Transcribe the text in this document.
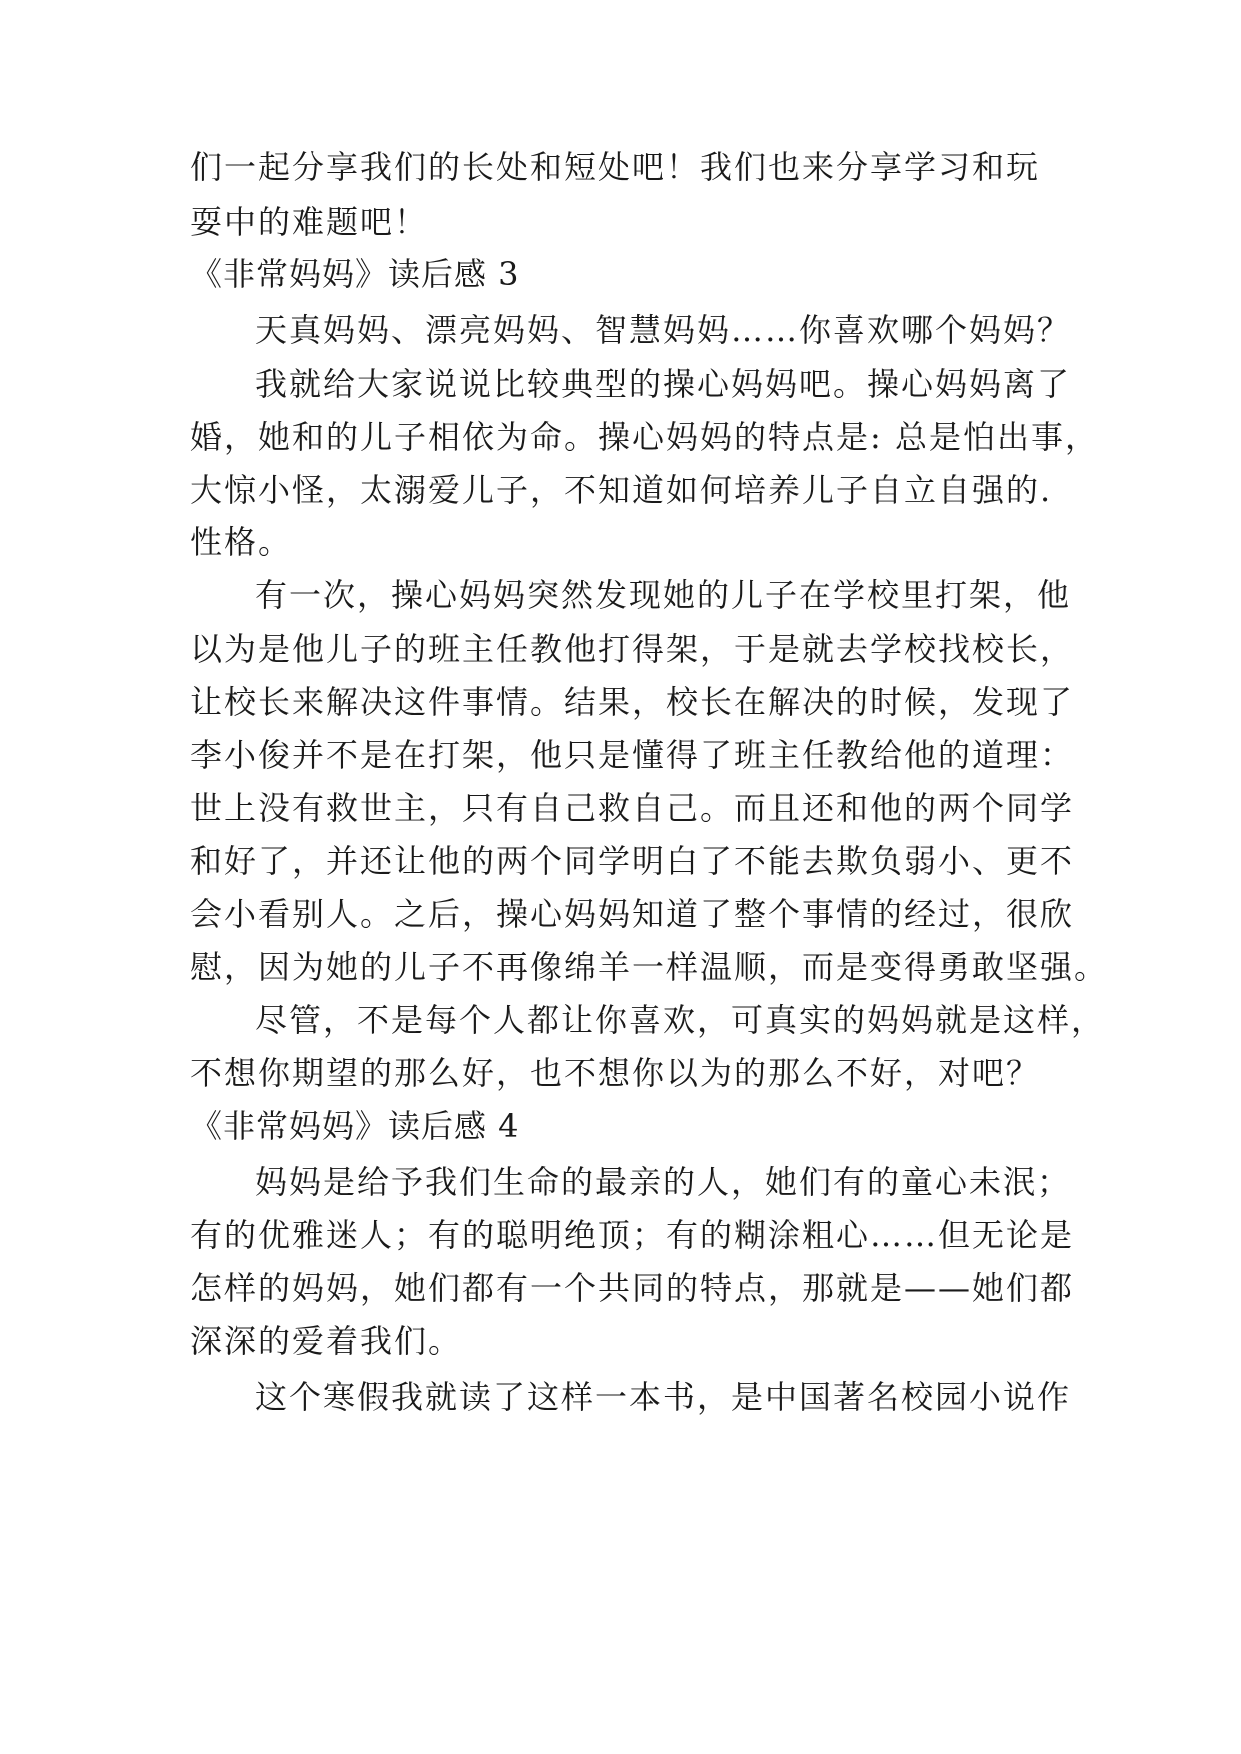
们一起分享我们的长处和短处吧！我们也来分享学习和玩
耍中的难题吧！
《非常妈妈》读后感 3
天真妈妈、漂亮妈妈、智慧妈妈……你喜欢哪个妈妈？
我就给大家说说比较典型的操心妈妈吧。操心妈妈离了
婚，她和的儿子相依为命。操心妈妈的特点是: 总是怕出事，
大惊小怪，太溺爱儿子，不知道如何培养儿子自立自强的.
性格。
有一次，操心妈妈突然发现她的儿子在学校里打架，他
以为是他儿子的班主任教他打得架，于是就去学校找校长，
让校长来解决这件事情。结果，校长在解决的时候，发现了
李小俊并不是在打架，他只是懂得了班主任教给他的道理：
世上没有救世主，只有自己救自己。而且还和他的两个同学
和好了，并还让他的两个同学明白了不能去欺负弱小、更不
会小看别人。之后，操心妈妈知道了整个事情的经过，很欣
慰，因为她的儿子不再像绵羊一样温顺，而是变得勇敢坚强。
尽管，不是每个人都让你喜欢，可真实的妈妈就是这样，
不想你期望的那么好，也不想你以为的那么不好，对吧？
《非常妈妈》读后感 4
妈妈是给予我们生命的最亲的人，她们有的童心未泯；
有的优雅迷人；有的聪明绝顶；有的糊涂粗心……但无论是
怎样的妈妈，她们都有一个共同的特点，那就是——她们都
深深的爱着我们。
这个寒假我就读了这样一本书，是中国著名校园小说作
